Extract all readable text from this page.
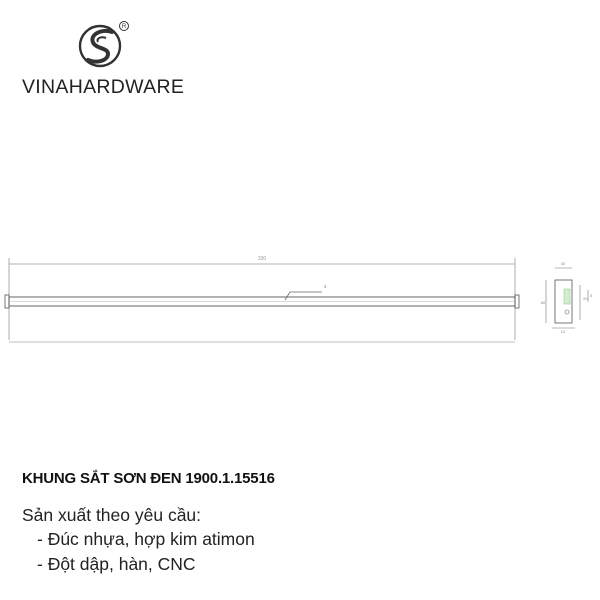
R
VINAHARDWARE
330
4
30
60
20
12
5
KHUNG SẮT SƠN ĐEN 1900.1.15516
Sản xuất theo yêu cầu:
- Đúc nhựa, hợp kim atimon
- Đột dập, hàn, CNC
